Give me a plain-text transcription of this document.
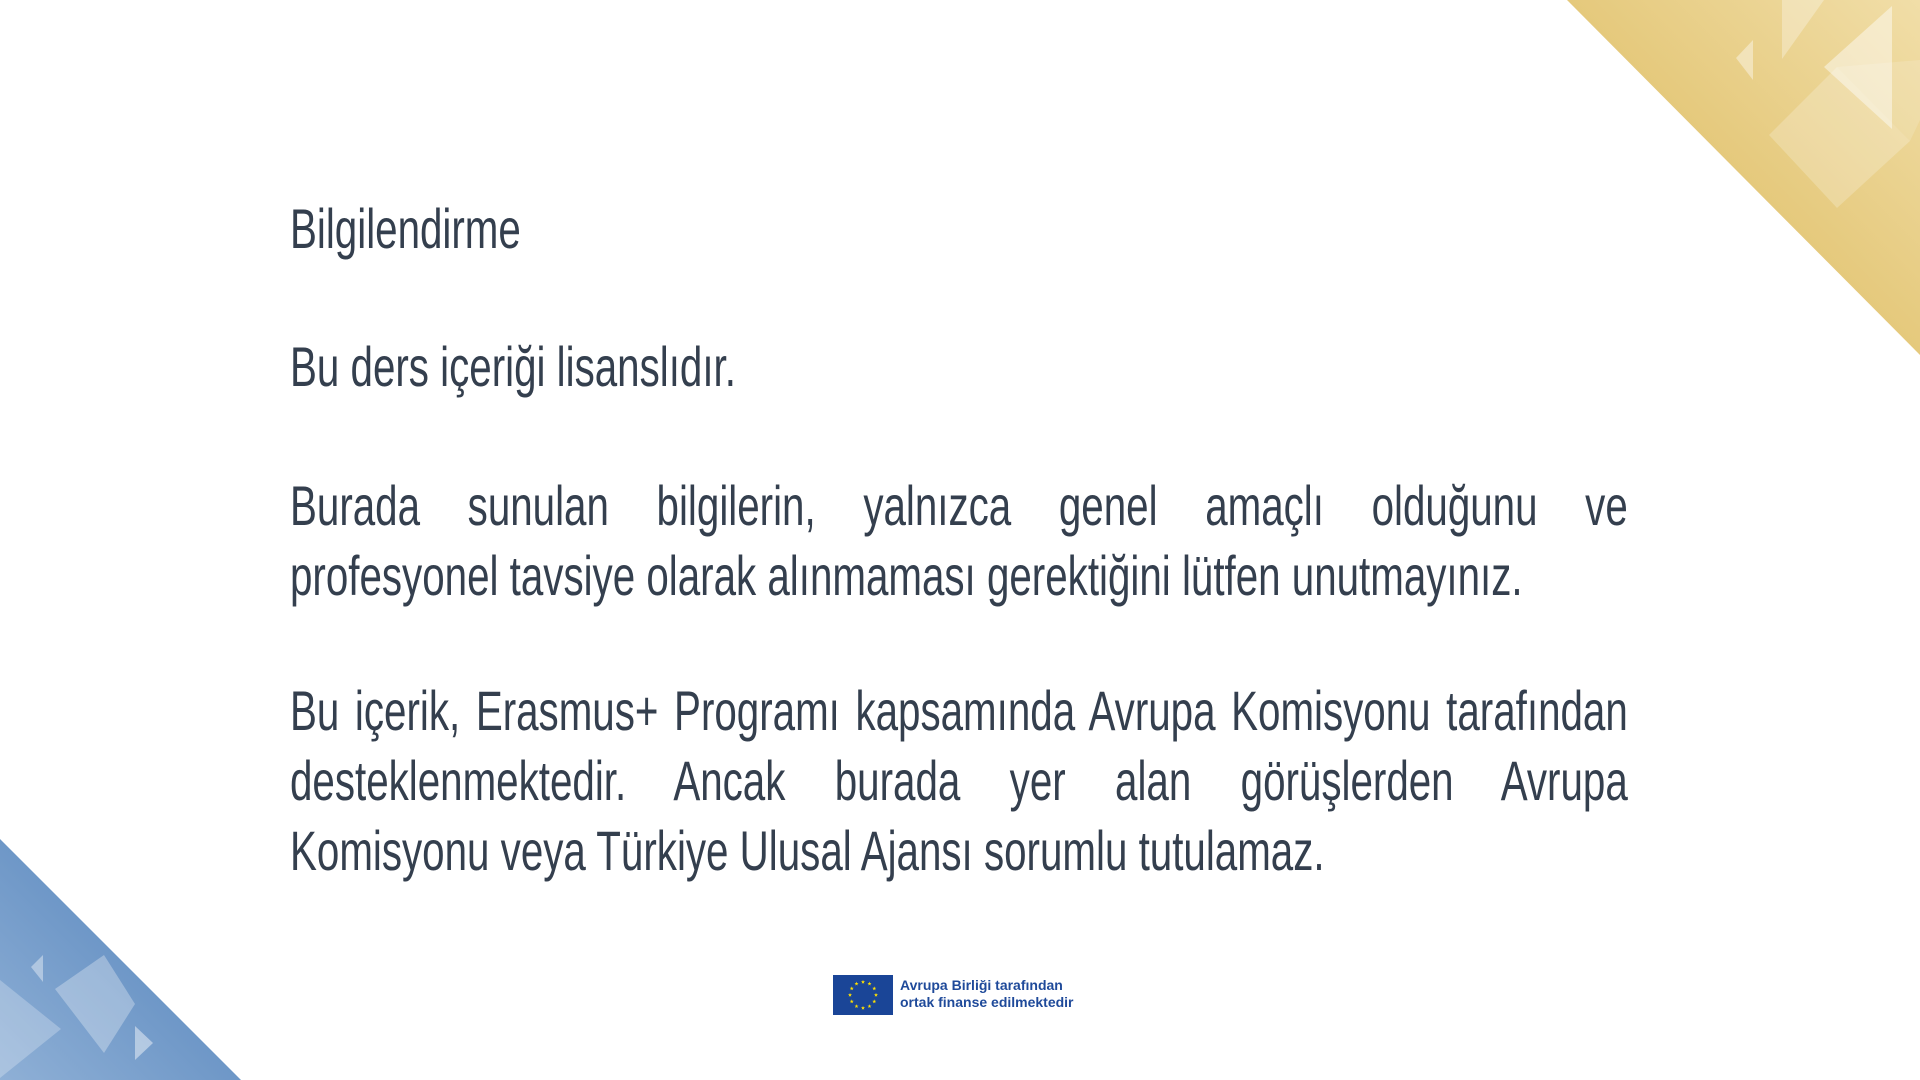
Bilgilendirme
Bu ders içeriği lisanslıdır.
Burada sunulan bilgilerin, yalnızca genel amaçlı olduğunu ve
profesyonel tavsiye olarak alınmaması gerektiğini lütfen unutmayınız.
Bu içerik, Erasmus+ Programı kapsamında Avrupa Komisyonu tarafından
desteklenmektedir. Ancak burada yer alan görüşlerden Avrupa
Komisyonu veya Türkiye Ulusal Ajansı sorumlu tutulamaz.
Avrupa Birliği tarafından
ortak finanse edilmektedir
